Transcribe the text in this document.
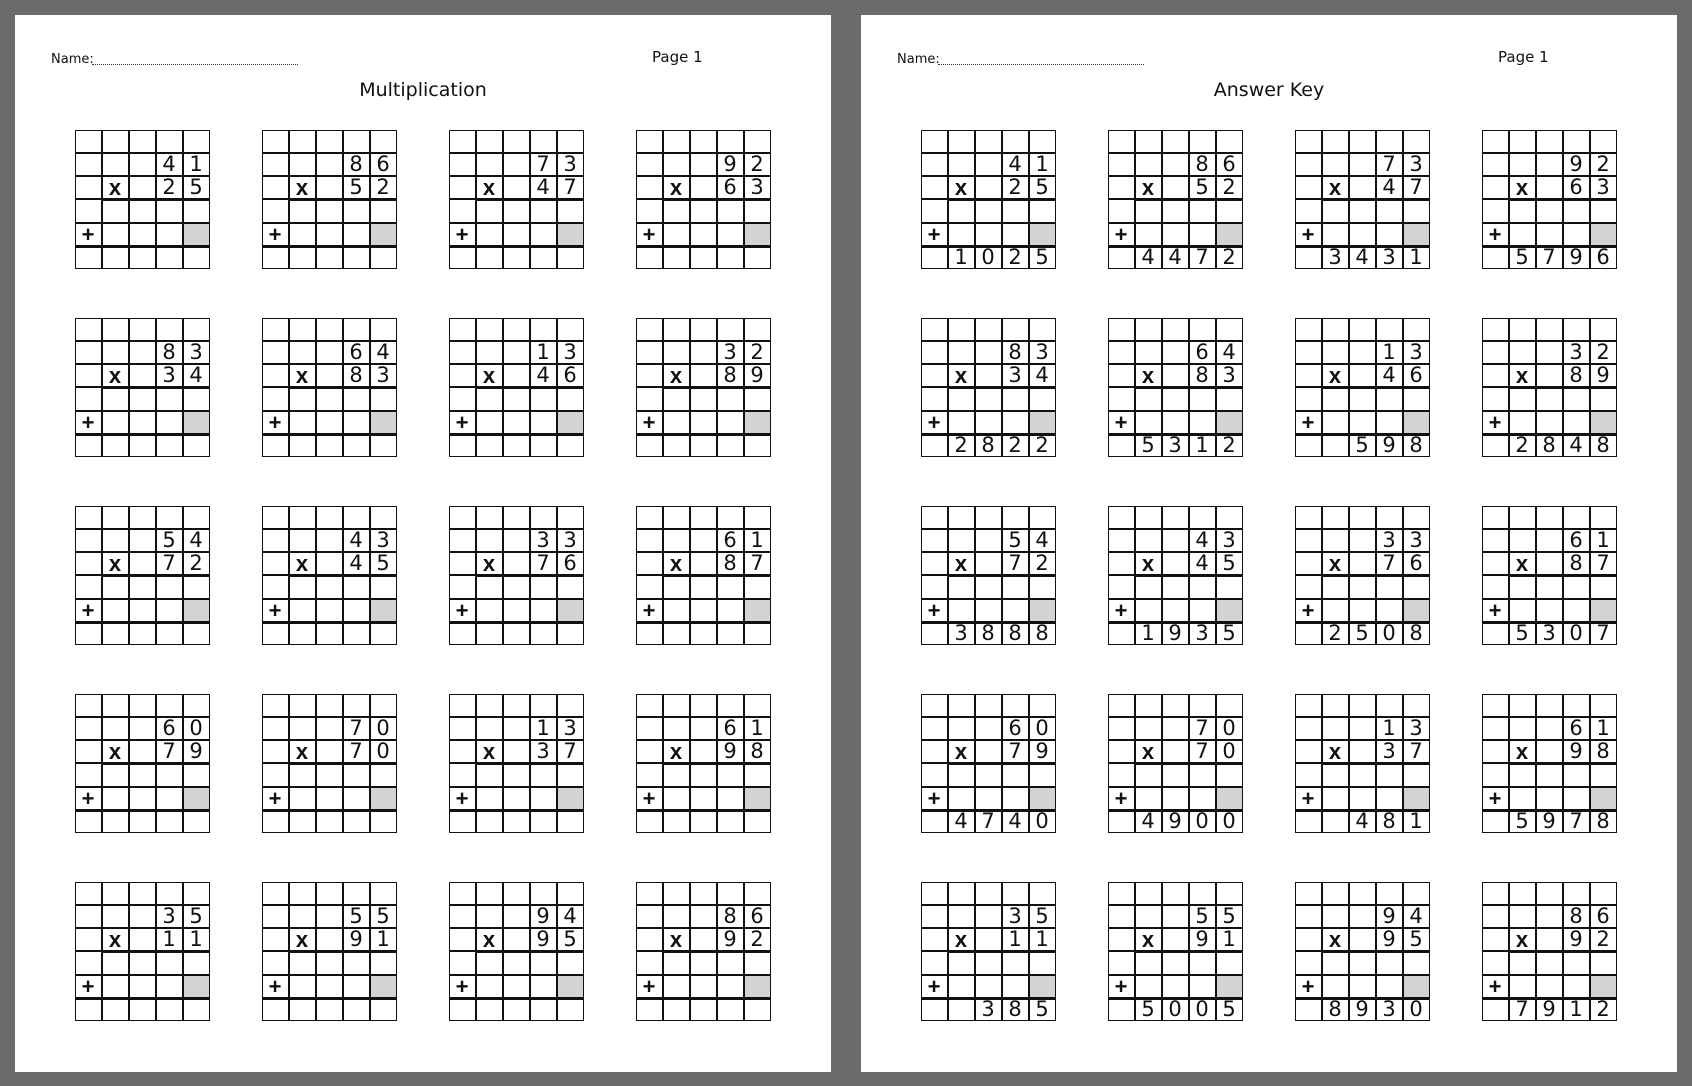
Name:	Page 1
Multiplication
4 1
x	2 5
+
8 6
x	5 2
+
7 3
x	4 7
+
9 2
x	6 3
+
8 3
x	3 4
+
6 4
x	8 3
+
1 3
x	4 6
+
3 2
x	8 9
+
5 4
x	7 2
+
4 3
x	4 5
+
3 3
x	7 6
+
6 1
x	8 7
+
6 0
x	7 9
+
7 0
x	7 0
+
1 3
x	3 7
+
6 1
x	9 8
+
3 5
x	1 1
+
5 5
x	9 1
+
9 4
x	9 5
+
8 6
x	9 2
+
Name:	Page 1
Answer Key
4 1
x	2 5
+
1 0 2 5
8 6
x	5 2
+
4 4 7 2
7 3
x	4 7
+
3 4 3 1
9 2
x	6 3
+
5 7 9 6
8 3
x	3 4
+
2 8 2 2
6 4
x	8 3
+
5 3 1 2
1 3
x	4 6
+
5 9 8
3 2
x	8 9
+
2 8 4 8
5 4
x	7 2
+
3 8 8 8
4 3
x	4 5
+
1 9 3 5
3 3
x	7 6
+
2 5 0 8
6 1
x	8 7
+
5 3 0 7
6 0
x	7 9
+
4 7 4 0
7 0
x	7 0
+
4 9 0 0
1 3
x	3 7
+
4 8 1
6 1
x	9 8
+
5 9 7 8
3 5
x	1 1
+
3 8 5
5 5
x	9 1
+
5 0 0 5
9 4
x	9 5
+
8 9 3 0
8 6
x	9 2
+
7 9 1 2
